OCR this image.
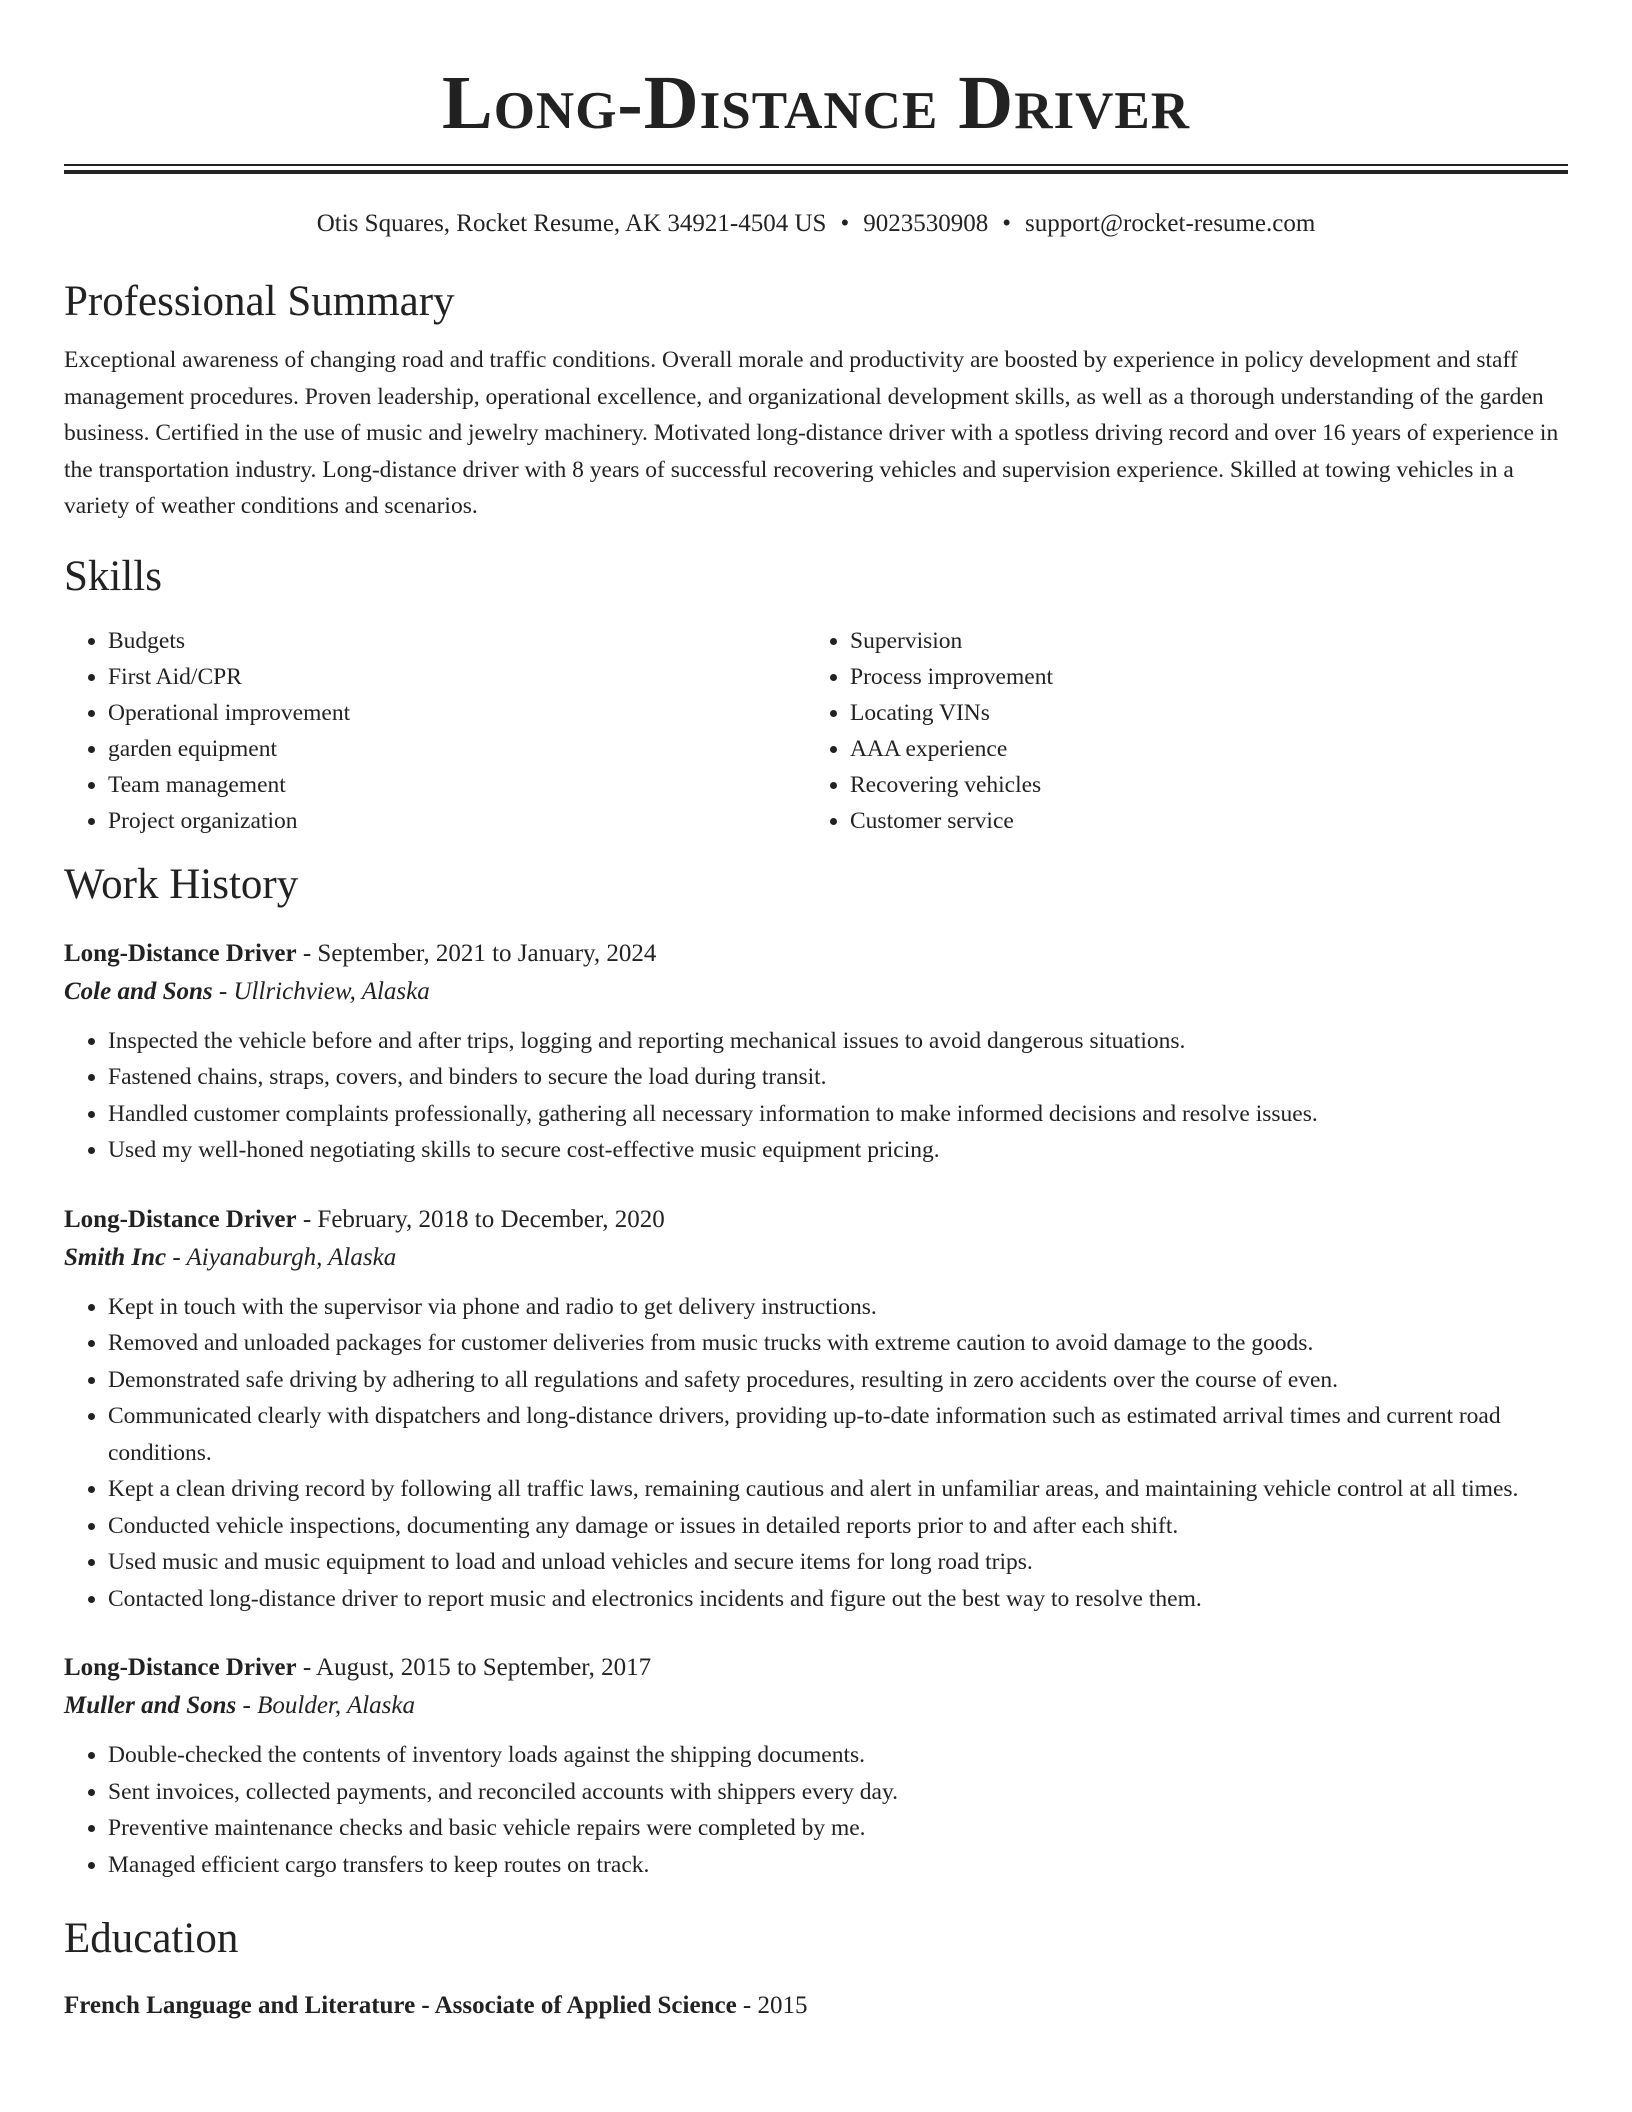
Long-Distance Driver
Otis Squares, Rocket Resume, AK 34921-4504 US • 9023530908 • support@rocket-resume.com
Professional Summary

Exceptional awareness of changing road and traffic conditions. Overall morale and productivity are boosted by experience in policy development and staff management procedures. Proven leadership, operational excellence, and organizational development skills, as well as a thorough understanding of the garden business. Certified in the use of music and jewelry machinery. Motivated long-distance driver with a spotless driving record and over 16 years of experience in the transportation industry. Long-distance driver with 8 years of successful recovering vehicles and supervision experience. Skilled at towing vehicles in a variety of weather conditions and scenarios.

Skills
• Budgets
• First Aid/CPR
• Operational improvement
• garden equipment
• Team management
• Project organization
• Supervision
• Process improvement
• Locating VINs
• AAA experience
• Recovering vehicles
• Customer service
Work History
Long-Distance Driver - September, 2021 to January, 2024
Cole and Sons - Ullrichview, Alaska
• Inspected the vehicle before and after trips, logging and reporting mechanical issues to avoid dangerous situations.
• Fastened chains, straps, covers, and binders to secure the load during transit.
• Handled customer complaints professionally, gathering all necessary information to make informed decisions and resolve issues.
• Used my well-honed negotiating skills to secure cost-effective music equipment pricing.
Long-Distance Driver - February, 2018 to December, 2020
Smith Inc - Aiyanaburgh, Alaska
• Kept in touch with the supervisor via phone and radio to get delivery instructions.
• Removed and unloaded packages for customer deliveries from music trucks with extreme caution to avoid damage to the goods.
• Demonstrated safe driving by adhering to all regulations and safety procedures, resulting in zero accidents over the course of even.
• Communicated clearly with dispatchers and long-distance drivers, providing up-to-date information such as estimated arrival times and current road conditions.
• Kept a clean driving record by following all traffic laws, remaining cautious and alert in unfamiliar areas, and maintaining vehicle control at all times.
• Conducted vehicle inspections, documenting any damage or issues in detailed reports prior to and after each shift.
• Used music and music equipment to load and unload vehicles and secure items for long road trips.
• Contacted long-distance driver to report music and electronics incidents and figure out the best way to resolve them.
Long-Distance Driver - August, 2015 to September, 2017
Muller and Sons - Boulder, Alaska
• Double-checked the contents of inventory loads against the shipping documents.
• Sent invoices, collected payments, and reconciled accounts with shippers every day.
• Preventive maintenance checks and basic vehicle repairs were completed by me.
• Managed efficient cargo transfers to keep routes on track.
Education
French Language and Literature - Associate of Applied Science - 2015
